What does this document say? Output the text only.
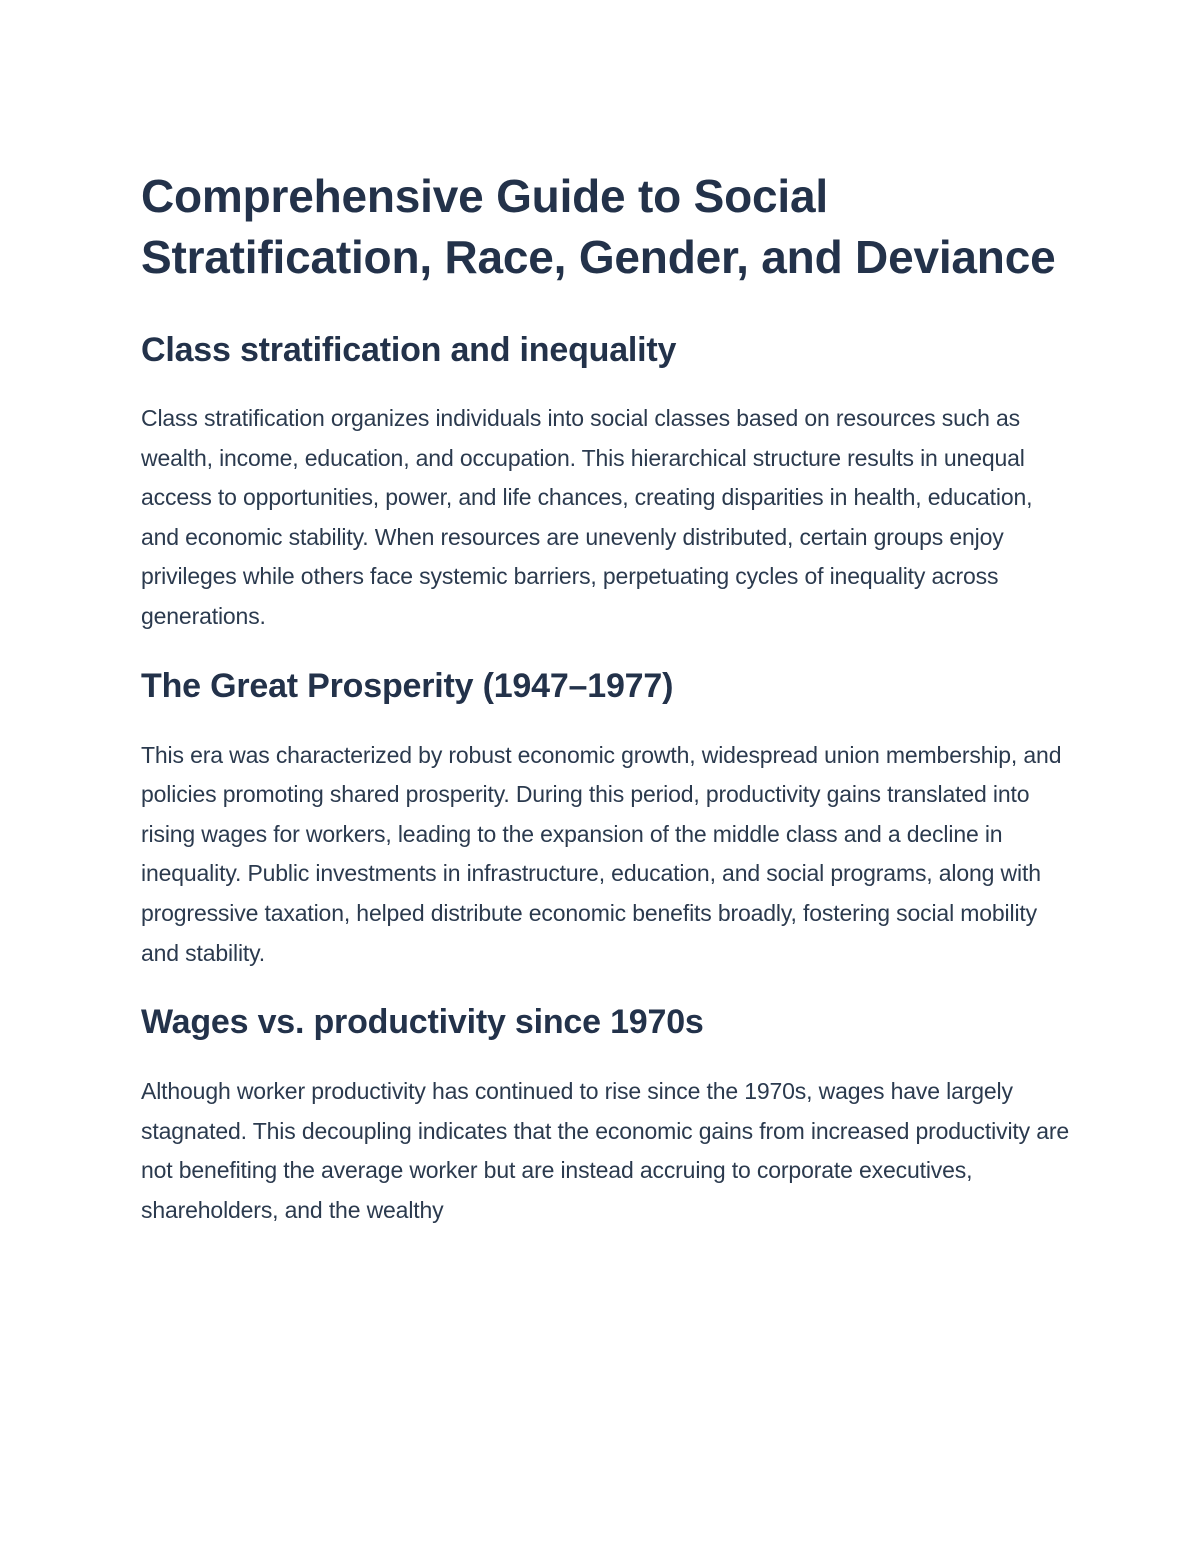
Comprehensive Guide to Social Stratification, Race, Gender, and Deviance
Class stratification and inequality

Class stratification organizes individuals into social classes based on resources such as wealth, income, education, and occupation. This hierarchical structure results in unequal access to opportunities, power, and life chances, creating disparities in health, education, and economic stability. When resources are unevenly distributed, certain groups enjoy privileges while others face systemic barriers, perpetuating cycles of inequality across generations.

The Great Prosperity (1947–1977)

This era was characterized by robust economic growth, widespread union membership, and policies promoting shared prosperity. During this period, productivity gains translated into rising wages for workers, leading to the expansion of the middle class and a decline in inequality. Public investments in infrastructure, education, and social programs, along with progressive taxation, helped distribute economic benefits broadly, fostering social mobility and stability.

Wages vs. productivity since 1970s

Although worker productivity has continued to rise since the 1970s, wages have largely stagnated. This decoupling indicates that the economic gains from increased productivity are not benefiting the average worker but are instead accruing to corporate executives, shareholders, and the wealthy
